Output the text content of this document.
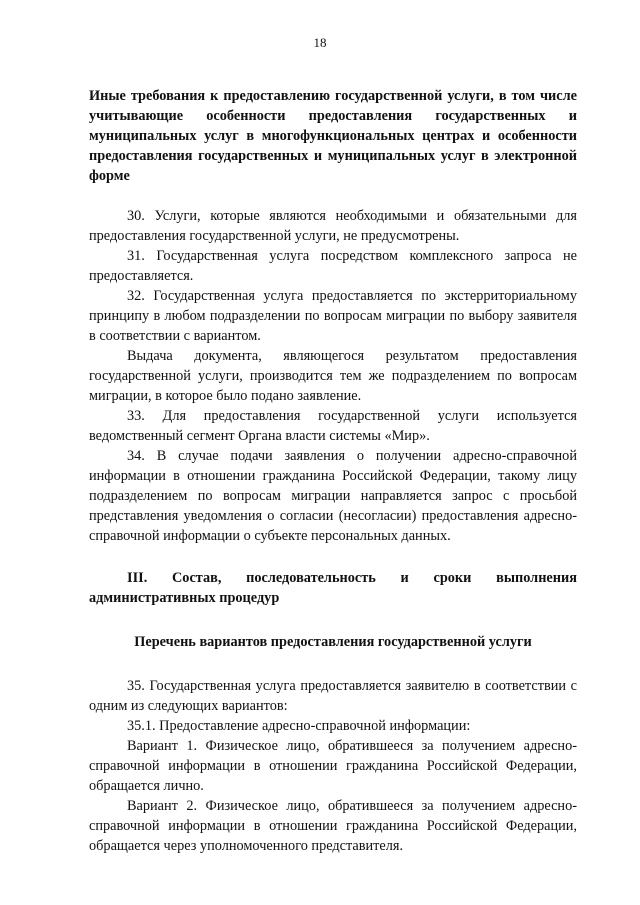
18

Иные требования к предоставлению государственной услуги, в том числе учитывающие особенности предоставления государственных и муниципальных услуг в многофункциональных центрах и особенности предоставления государственных и муниципальных услуг в электронной форме

30. Услуги, которые являются необходимыми и обязательными для предоставления государственной услуги, не предусмотрены.

31. Государственная услуга посредством комплексного запроса не предоставляется.

32. Государственная услуга предоставляется по экстерриториальному принципу в любом подразделении по вопросам миграции по выбору заявителя в соответствии с вариантом.

Выдача документа, являющегося результатом предоставления государственной услуги, производится тем же подразделением по вопросам миграции, в которое было подано заявление.

33. Для предоставления государственной услуги используется ведомственный сегмент Органа власти системы «Мир».

34. В случае подачи заявления о получении адресно-справочной информации в отношении гражданина Российской Федерации, такому лицу подразделением по вопросам миграции направляется запрос с просьбой представления уведомления о согласии (несогласии) предоставления адресно-справочной информации о субъекте персональных данных.

III. Состав, последовательность и сроки выполнения административных процедур

Перечень вариантов предоставления государственной услуги

35. Государственная услуга предоставляется заявителю в соответствии с одним из следующих вариантов:

35.1. Предоставление адресно-справочной информации:

Вариант 1. Физическое лицо, обратившееся за получением адресно-справочной информации в отношении гражданина Российской Федерации, обращается лично.

Вариант 2. Физическое лицо, обратившееся за получением адресно-справочной информации в отношении гражданина Российской Федерации, обращается через уполномоченного представителя.
